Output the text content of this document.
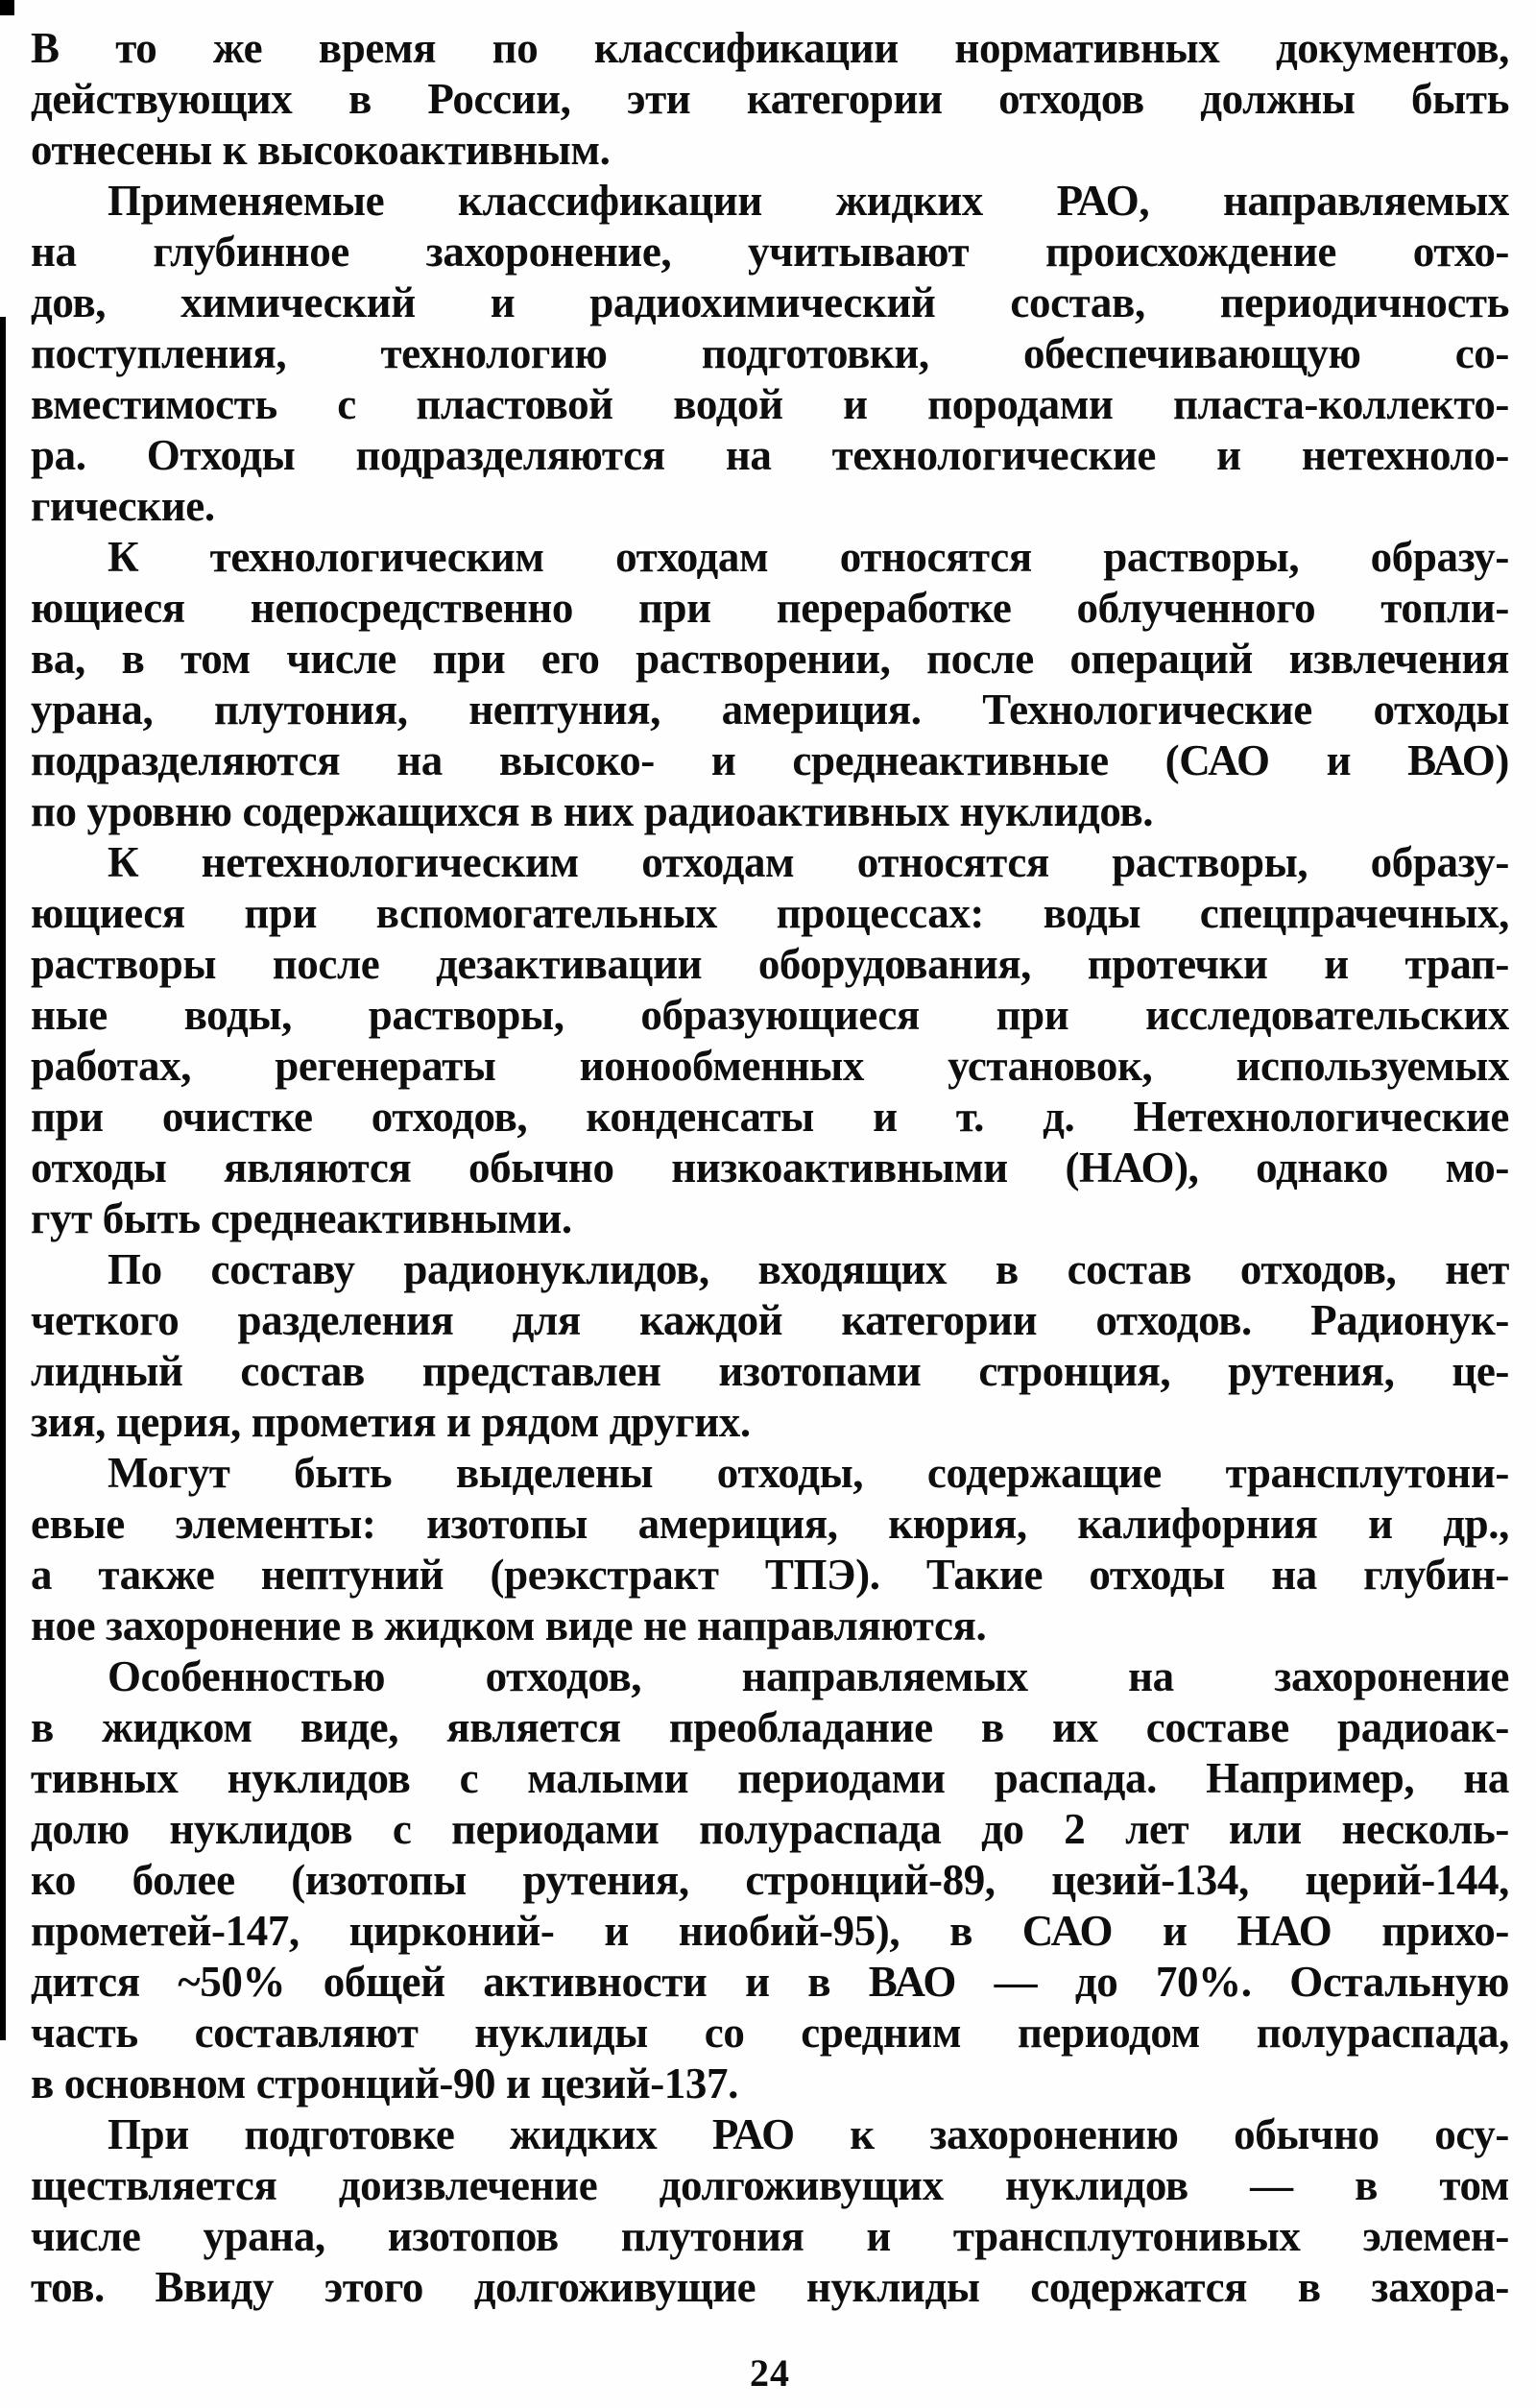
В то же время по классификации нормативных документов,
действующих в России, эти категории отходов должны быть
отнесены к высокоактивным.
Применяемые классификации жидких РАО, направляемых
на глубинное захоронение, учитывают происхождение отхо-
дов, химический и радиохимический состав, периодичность
поступления, технологию подготовки, обеспечивающую со-
вместимость с пластовой водой и породами пласта-коллекто-
ра. Отходы подразделяются на технологические и нетехноло-
гические.
К технологическим отходам относятся растворы, образу-
ющиеся непосредственно при переработке облученного топли-
ва, в том числе при его растворении, после операций извлечения
урана, плутония, нептуния, америция. Технологические отходы
подразделяются на высоко- и среднеактивные (САО и ВАО)
по уровню содержащихся в них радиоактивных нуклидов.
К нетехнологическим отходам относятся растворы, образу-
ющиеся при вспомогательных процессах: воды спецпрачечных,
растворы после дезактивации оборудования, протечки и трап-
ные воды, растворы, образующиеся при исследовательских
работах, регенераты ионообменных установок, используемых
при очистке отходов, конденсаты и т. д. Нетехнологические
отходы являются обычно низкоактивными (НАО), однако мо-
гут быть среднеактивными.
По составу радионуклидов, входящих в состав отходов, нет
четкого разделения для каждой категории отходов. Радионук-
лидный состав представлен изотопами стронция, рутения, це-
зия, церия, прометия и рядом других.
Могут быть выделены отходы, содержащие трансплутони-
евые элементы: изотопы америция, кюрия, калифорния и др.,
а также нептуний (реэкстракт ТПЭ). Такие отходы на глубин-
ное захоронение в жидком виде не направляются.
Особенностью отходов, направляемых на захоронение
в жидком виде, является преобладание в их составе радиоак-
тивных нуклидов с малыми периодами распада. Например, на
долю нуклидов с периодами полураспада до 2 лет или несколь-
ко более (изотопы рутения, стронций-89, цезий-134, церий-144,
прометей-147, цирконий- и ниобий-95), в САО и НАО прихо-
дится ~50% общей активности и в ВАО — до 70%. Остальную
часть составляют нуклиды со средним периодом полураспада,
в основном стронций-90 и цезий-137.
При подготовке жидких РАО к захоронению обычно осу-
ществляется доизвлечение долгоживущих нуклидов — в том
числе урана, изотопов плутония и трансплутонивых элемен-
тов. Ввиду этого долгоживущие нуклиды содержатся в захора-
24
